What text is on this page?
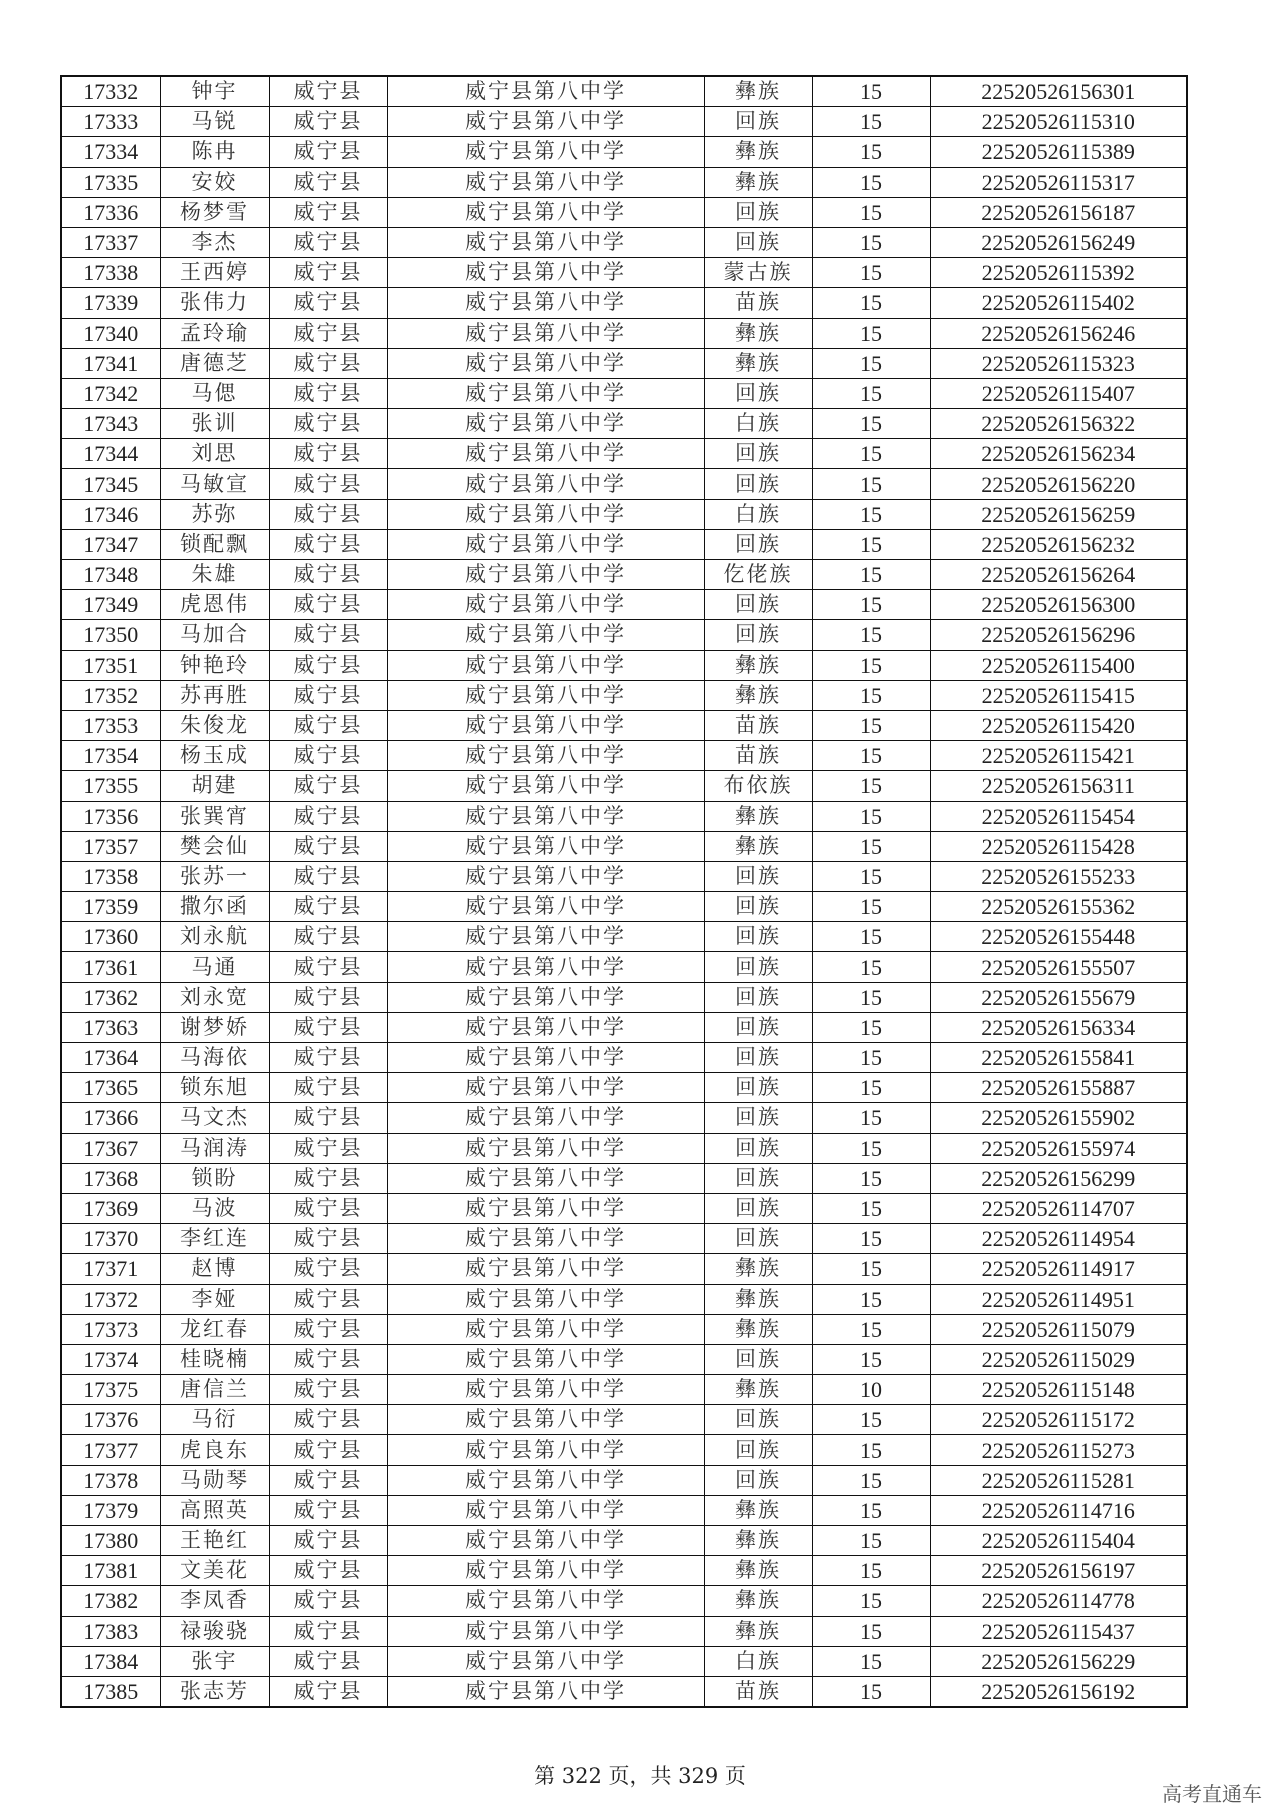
17332	钟宇	威宁县	威宁县第八中学	彝族	15	22520526156301
17333	马锐	威宁县	威宁县第八中学	回族	15	22520526115310
17334	陈冉	威宁县	威宁县第八中学	彝族	15	22520526115389
17335	安姣	威宁县	威宁县第八中学	彝族	15	22520526115317
17336	杨梦雪	威宁县	威宁县第八中学	回族	15	22520526156187
17337	李杰	威宁县	威宁县第八中学	回族	15	22520526156249
17338	王西婷	威宁县	威宁县第八中学	蒙古族	15	22520526115392
17339	张伟力	威宁县	威宁县第八中学	苗族	15	22520526115402
17340	孟玲瑜	威宁县	威宁县第八中学	彝族	15	22520526156246
17341	唐德芝	威宁县	威宁县第八中学	彝族	15	22520526115323
17342	马偲	威宁县	威宁县第八中学	回族	15	22520526115407
17343	张训	威宁县	威宁县第八中学	白族	15	22520526156322
17344	刘思	威宁县	威宁县第八中学	回族	15	22520526156234
17345	马敏宣	威宁县	威宁县第八中学	回族	15	22520526156220
17346	苏弥	威宁县	威宁县第八中学	白族	15	22520526156259
17347	锁配飘	威宁县	威宁县第八中学	回族	15	22520526156232
17348	朱雄	威宁县	威宁县第八中学	仡佬族	15	22520526156264
17349	虎恩伟	威宁县	威宁县第八中学	回族	15	22520526156300
17350	马加合	威宁县	威宁县第八中学	回族	15	22520526156296
17351	钟艳玲	威宁县	威宁县第八中学	彝族	15	22520526115400
17352	苏再胜	威宁县	威宁县第八中学	彝族	15	22520526115415
17353	朱俊龙	威宁县	威宁县第八中学	苗族	15	22520526115420
17354	杨玉成	威宁县	威宁县第八中学	苗族	15	22520526115421
17355	胡建	威宁县	威宁县第八中学	布依族	15	22520526156311
17356	张巽宵	威宁县	威宁县第八中学	彝族	15	22520526115454
17357	樊会仙	威宁县	威宁县第八中学	彝族	15	22520526115428
17358	张苏一	威宁县	威宁县第八中学	回族	15	22520526155233
17359	撒尔函	威宁县	威宁县第八中学	回族	15	22520526155362
17360	刘永航	威宁县	威宁县第八中学	回族	15	22520526155448
17361	马通	威宁县	威宁县第八中学	回族	15	22520526155507
17362	刘永宽	威宁县	威宁县第八中学	回族	15	22520526155679
17363	谢梦娇	威宁县	威宁县第八中学	回族	15	22520526156334
17364	马海依	威宁县	威宁县第八中学	回族	15	22520526155841
17365	锁东旭	威宁县	威宁县第八中学	回族	15	22520526155887
17366	马文杰	威宁县	威宁县第八中学	回族	15	22520526155902
17367	马润涛	威宁县	威宁县第八中学	回族	15	22520526155974
17368	锁盼	威宁县	威宁县第八中学	回族	15	22520526156299
17369	马波	威宁县	威宁县第八中学	回族	15	22520526114707
17370	李红连	威宁县	威宁县第八中学	回族	15	22520526114954
17371	赵博	威宁县	威宁县第八中学	彝族	15	22520526114917
17372	李娅	威宁县	威宁县第八中学	彝族	15	22520526114951
17373	龙红春	威宁县	威宁县第八中学	彝族	15	22520526115079
17374	桂晓楠	威宁县	威宁县第八中学	回族	15	22520526115029
17375	唐信兰	威宁县	威宁县第八中学	彝族	10	22520526115148
17376	马衍	威宁县	威宁县第八中学	回族	15	22520526115172
17377	虎良东	威宁县	威宁县第八中学	回族	15	22520526115273
17378	马勋琴	威宁县	威宁县第八中学	回族	15	22520526115281
17379	高照英	威宁县	威宁县第八中学	彝族	15	22520526114716
17380	王艳红	威宁县	威宁县第八中学	彝族	15	22520526115404
17381	文美花	威宁县	威宁县第八中学	彝族	15	22520526156197
17382	李凤香	威宁县	威宁县第八中学	彝族	15	22520526114778
17383	禄骏骁	威宁县	威宁县第八中学	彝族	15	22520526115437
17384	张宇	威宁县	威宁县第八中学	白族	15	22520526156229
17385	张志芳	威宁县	威宁县第八中学	苗族	15	22520526156192
第 322 页，共 329 页
高考直通车
